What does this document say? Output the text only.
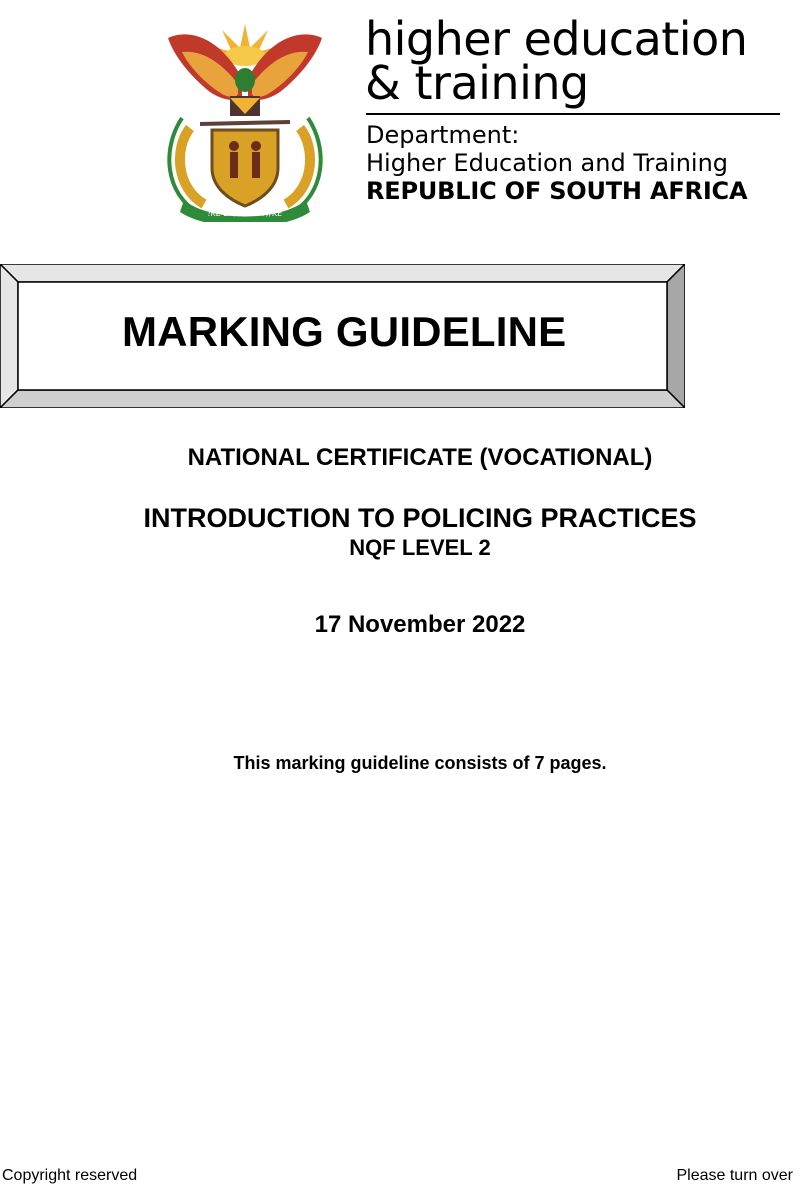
!KE E: /XARRA //KE
higher education
& training
Department:
Higher Education and Training
REPUBLIC OF SOUTH AFRICA
MARKING GUIDELINE
NATIONAL CERTIFICATE (VOCATIONAL)
INTRODUCTION TO POLICING PRACTICES
NQF LEVEL 2
17 November 2022
This marking guideline consists of 7 pages.
Copyright reserved	Please turn over
